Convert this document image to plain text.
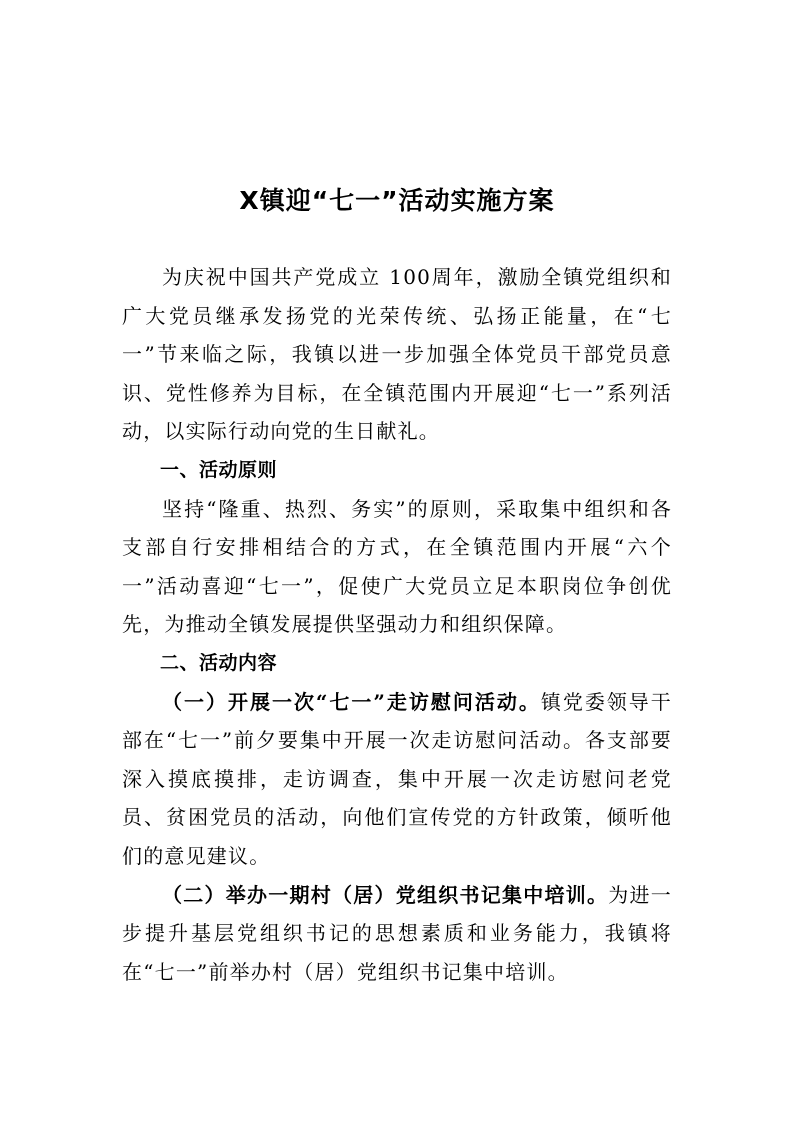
X镇迎“七一”活动实施方案

为庆祝中国共产党成立 100周年，激励全镇党组织和广大党员继承发扬党的光荣传统、弘扬正能量，在“七一”节来临之际，我镇以进一步加强全体党员干部党员意识、党性修养为目标，在全镇范围内开展迎“七一”系列活动，以实际行动向党的生日献礼。

一、活动原则

坚持“隆重、热烈、务实”的原则，采取集中组织和各支部自行安排相结合的方式，在全镇范围内开展“六个一”活动喜迎“七一”，促使广大党员立足本职岗位争创优先，为推动全镇发展提供坚强动力和组织保障。

二、活动内容

（一）开展一次“七一”走访慰问活动。镇党委领导干部在“七一”前夕要集中开展一次走访慰问活动。各支部要深入摸底摸排，走访调查，集中开展一次走访慰问老党员、贫困党员的活动，向他们宣传党的方针政策，倾听他们的意见建议。

（二）举办一期村（居）党组织书记集中培训。为进一步提升基层党组织书记的思想素质和业务能力，我镇将在“七一”前举办村（居）党组织书记集中培训。
